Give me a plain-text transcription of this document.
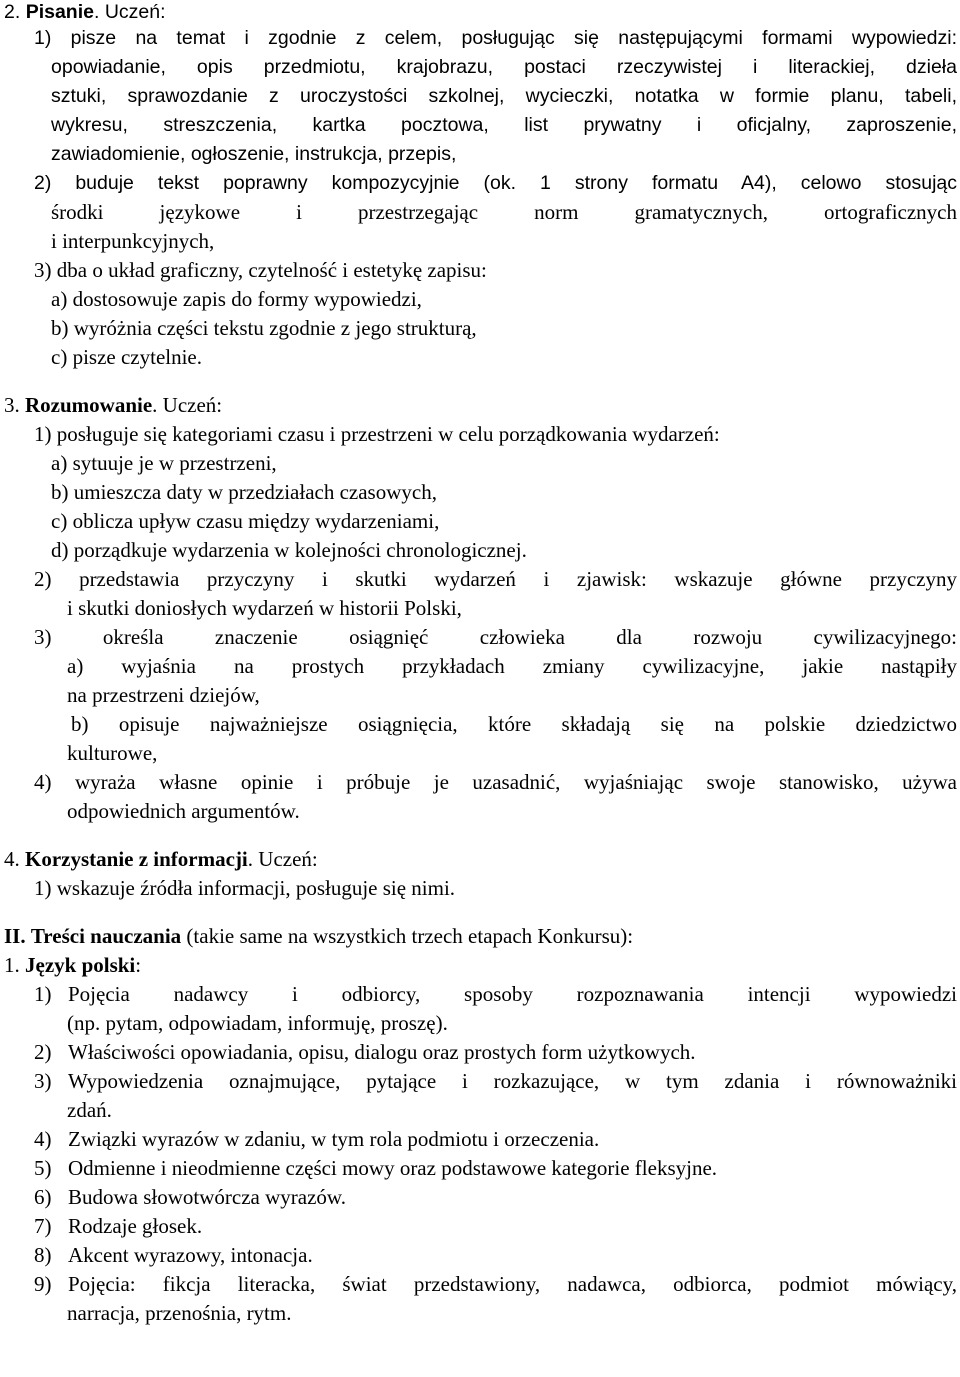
2. Pisanie. Uczeń:
1) pisze na temat i zgodnie z celem, posługując się następującymi formami wypowiedzi:
opowiadanie, opis przedmiotu, krajobrazu, postaci rzeczywistej i literackiej, dzieła
sztuki, sprawozdanie z uroczystości szkolnej, wycieczki, notatka w formie planu, tabeli,
wykresu, streszczenia, kartka pocztowa, list prywatny i oficjalny, zaproszenie,
zawiadomienie, ogłoszenie, instrukcja, przepis,
2) buduje tekst poprawny kompozycyjnie (ok. 1 strony formatu A4), celowo stosując
środki językowe i przestrzegając norm gramatycznych, ortograficznych
i interpunkcyjnych,
3) dba o układ graficzny, czytelność i estetykę zapisu:
a) dostosowuje zapis do formy wypowiedzi,
b) wyróżnia części tekstu zgodnie z jego strukturą,
c) pisze czytelnie.
3. Rozumowanie. Uczeń:
1) posługuje się kategoriami czasu i przestrzeni w celu porządkowania wydarzeń:
a) sytuuje je w przestrzeni,
b) umieszcza daty w przedziałach czasowych,
c) oblicza upływ czasu między wydarzeniami,
d) porządkuje wydarzenia w kolejności chronologicznej.
2) przedstawia przyczyny i skutki wydarzeń i zjawisk: wskazuje główne przyczyny
i skutki doniosłych wydarzeń w historii Polski,
3) określa znaczenie osiągnięć człowieka dla rozwoju cywilizacyjnego:
a) wyjaśnia na prostych przykładach zmiany cywilizacyjne, jakie nastąpiły
na przestrzeni dziejów,
b) opisuje najważniejsze osiągnięcia, które składają się na polskie dziedzictwo
kulturowe,
4) wyraża własne opinie i próbuje je uzasadnić, wyjaśniając swoje stanowisko, używa
odpowiednich argumentów.
4. Korzystanie z informacji. Uczeń:
1) wskazuje źródła informacji, posługuje się nimi.
II. Treści nauczania (takie same na wszystkich trzech etapach Konkursu):
1. Język polski:
1) Pojęcia nadawcy i odbiorcy, sposoby rozpoznawania intencji wypowiedzi
(np. pytam, odpowiadam, informuję, proszę).
2) Właściwości opowiadania, opisu, dialogu oraz prostych form użytkowych.
3) Wypowiedzenia oznajmujące, pytające i rozkazujące, w tym zdania i równoważniki
zdań.
4) Związki wyrazów w zdaniu, w tym rola podmiotu i orzeczenia.
5) Odmienne i nieodmienne części mowy oraz podstawowe kategorie fleksyjne.
6) Budowa słowotwórcza wyrazów.
7) Rodzaje głosek.
8) Akcent wyrazowy, intonacja.
9) Pojęcia: fikcja literacka, świat przedstawiony, nadawca, odbiorca, podmiot mówiący,
narracja, przenośnia, rytm.
